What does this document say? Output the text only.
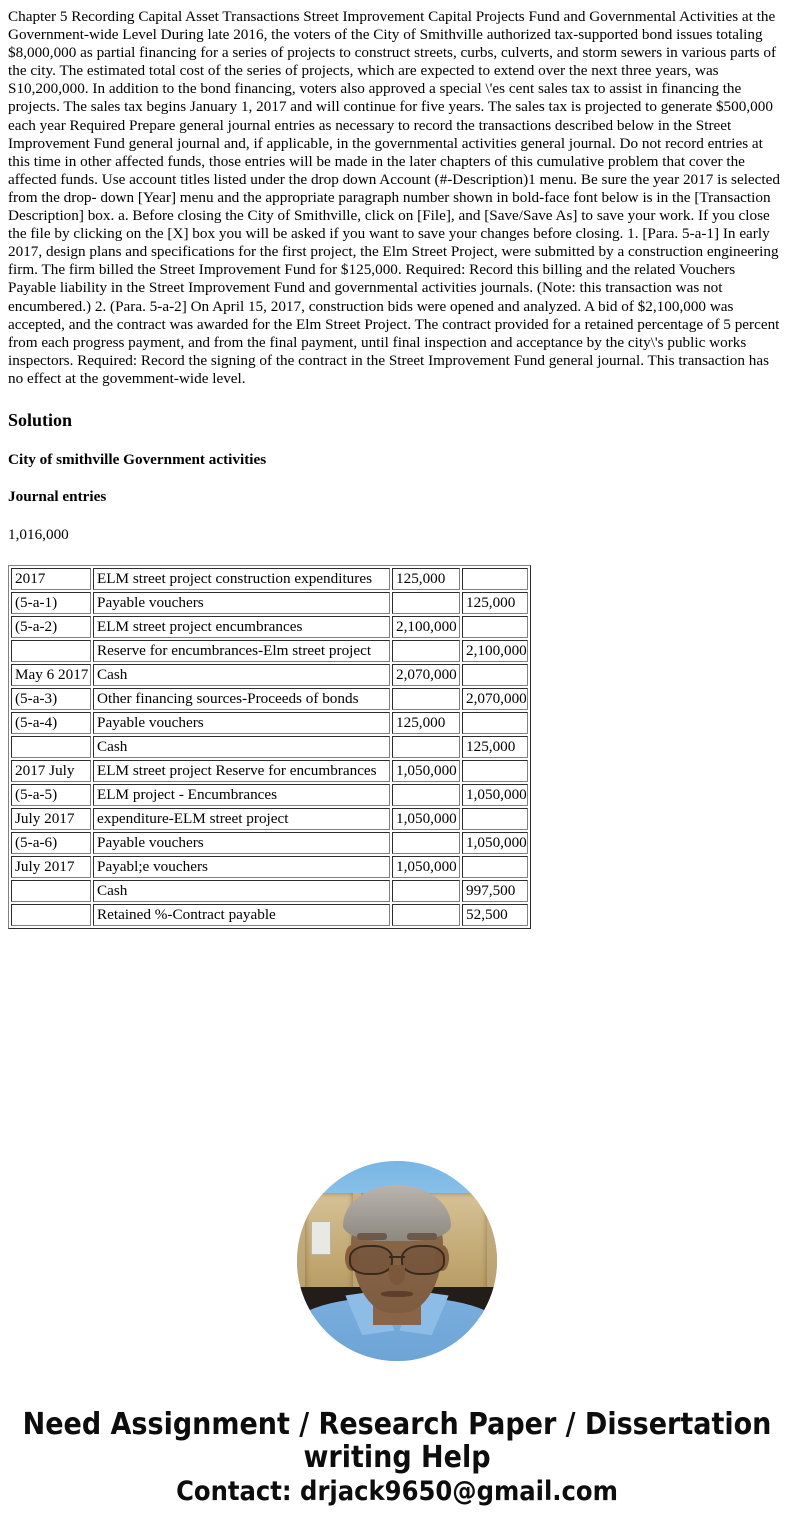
Chapter 5 Recording Capital Asset Transactions Street Improvement Capital Projects Fund and Governmental Activities at the Government-wide Level During late 2016, the voters of the City of Smithville authorized tax-supported bond issues totaling $8,000,000 as partial financing for a series of projects to construct streets, curbs, culverts, and storm sewers in various parts of the city. The estimated total cost of the series of projects, which are expected to extend over the next three years, was S10,200,000. In addition to the bond financing, voters also approved a special \'es cent sales tax to assist in financing the projects. The sales tax begins January 1, 2017 and will continue for five years. The sales tax is projected to generate $500,000 each year Required Prepare general journal entries as necessary to record the transactions described below in the Street Improvement Fund general journal and, if applicable, in the governmental activities general journal. Do not record entries at this time in other affected funds, those entries will be made in the later chapters of this cumulative problem that cover the affected funds. Use account titles listed under the drop down Account (#-Description)1 menu. Be sure the year 2017 is selected from the drop- down [Year] menu and the appropriate paragraph number shown in bold-face font below is in the [Transaction Description] box. a. Before closing the City of Smithville, click on [File], and [Save/Save As] to save your work. If you close the file by clicking on the [X] box you will be asked if you want to save your changes before closing. 1. [Para. 5-a-1] In early 2017, design plans and specifications for the first project, the Elm Street Project, were submitted by a construction engineering firm. The firm billed the Street Improvement Fund for $125,000. Required: Record this billing and the related Vouchers Payable liability in the Street Improvement Fund and governmental activities journals. (Note: this transaction was not encumbered.) 2. (Para. 5-a-2] On April 15, 2017, construction bids were opened and analyzed. A bid of $2,100,000 was accepted, and the contract was awarded for the Elm Street Project. The contract provided for a retained percentage of 5 percent from each progress payment, and from the final payment, until final inspection and acceptance by the city\'s public works inspectors. Required: Record the signing of the contract in the Street Improvement Fund general journal. This transaction has no effect at the govemment-wide level.

Solution

City of smithville Government activities

Journal entries

1,016,000

2017	ELM street project construction expenditures	125,000	
(5-a-1)	Payable vouchers		125,000
(5-a-2)	ELM street project encumbrances	2,100,000	
	Reserve for encumbrances-Elm street project		2,100,000
May 6 2017	Cash	2,070,000	
(5-a-3)	Other financing sources-Proceeds of bonds		2,070,000
(5-a-4)	Payable vouchers	125,000	
	Cash		125,000
2017 July	ELM street project Reserve for encumbrances	1,050,000	
(5-a-5)	ELM project - Encumbrances		1,050,000
July 2017	expenditure-ELM street project	1,050,000	
(5-a-6)	Payable vouchers		1,050,000
July 2017	Payabl;e vouchers	1,050,000	
	Cash		997,500
	Retained %-Contract payable		52,500
Need Assignment / Research Paper / Dissertation
writing Help
Contact: drjack9650@gmail.com
